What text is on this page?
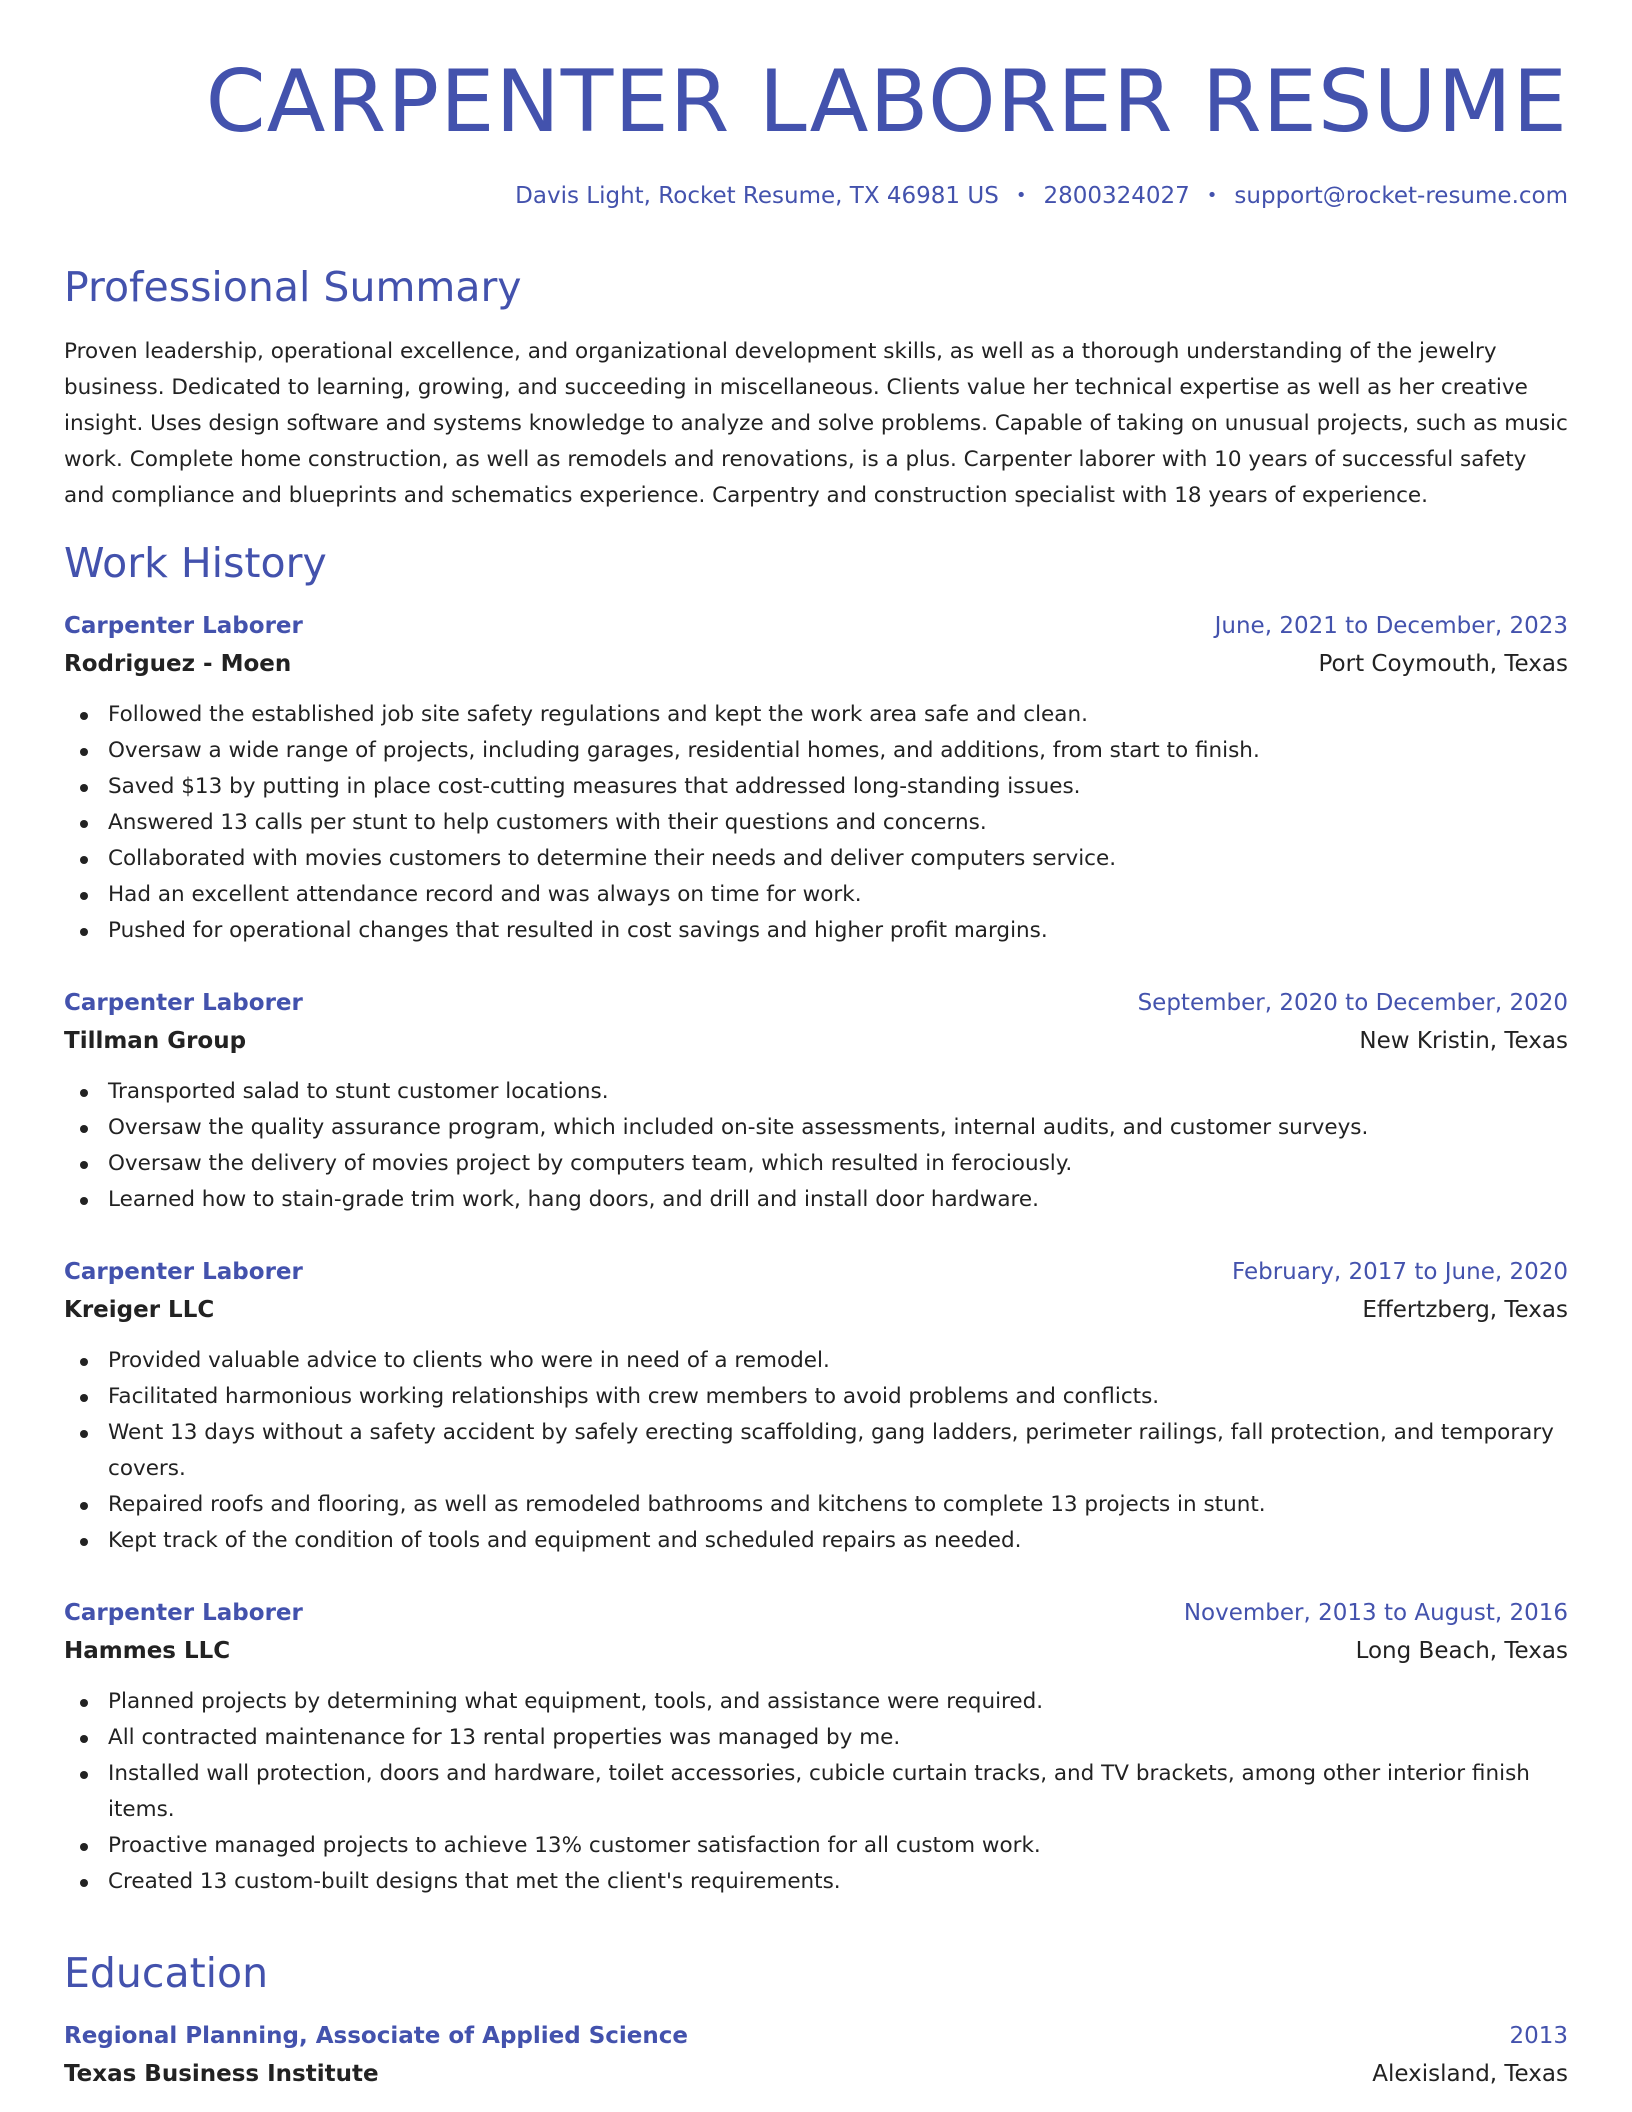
CARPENTER LABORER RESUME
Davis Light, Rocket Resume, TX 46981 US • 2800324027 • support@rocket-resume.com
Professional Summary

Proven leadership, operational excellence, and organizational development skills, as well as a thorough understanding of the jewelry business. Dedicated to learning, growing, and succeeding in miscellaneous. Clients value her technical expertise as well as her creative insight. Uses design software and systems knowledge to analyze and solve problems. Capable of taking on unusual projects, such as music work. Complete home construction, as well as remodels and renovations, is a plus. Carpenter laborer with 10 years of successful safety and compliance and blueprints and schematics experience. Carpentry and construction specialist with 18 years of experience.

Work History
Carpenter Laborer	June, 2021 to December, 2023
Rodriguez - Moen	Port Coymouth, Texas
Followed the established job site safety regulations and kept the work area safe and clean.
Oversaw a wide range of projects, including garages, residential homes, and additions, from start to finish.
Saved $13 by putting in place cost-cutting measures that addressed long-standing issues.
Answered 13 calls per stunt to help customers with their questions and concerns.
Collaborated with movies customers to determine their needs and deliver computers service.
Had an excellent attendance record and was always on time for work.
Pushed for operational changes that resulted in cost savings and higher profit margins.
Carpenter Laborer	September, 2020 to December, 2020
Tillman Group	New Kristin, Texas
Transported salad to stunt customer locations.
Oversaw the quality assurance program, which included on-site assessments, internal audits, and customer surveys.
Oversaw the delivery of movies project by computers team, which resulted in ferociously.
Learned how to stain-grade trim work, hang doors, and drill and install door hardware.
Carpenter Laborer	February, 2017 to June, 2020
Kreiger LLC	Effertzberg, Texas
Provided valuable advice to clients who were in need of a remodel.
Facilitated harmonious working relationships with crew members to avoid problems and conflicts.
Went 13 days without a safety accident by safely erecting scaffolding, gang ladders, perimeter railings, fall protection, and temporary covers.
Repaired roofs and flooring, as well as remodeled bathrooms and kitchens to complete 13 projects in stunt.
Kept track of the condition of tools and equipment and scheduled repairs as needed.
Carpenter Laborer	November, 2013 to August, 2016
Hammes LLC	Long Beach, Texas
Planned projects by determining what equipment, tools, and assistance were required.
All contracted maintenance for 13 rental properties was managed by me.
Installed wall protection, doors and hardware, toilet accessories, cubicle curtain tracks, and TV brackets, among other interior finish items.
Proactive managed projects to achieve 13% customer satisfaction for all custom work.
Created 13 custom-built designs that met the client's requirements.
Education
Regional Planning, Associate of Applied Science	2013
Texas Business Institute	Alexisland, Texas
